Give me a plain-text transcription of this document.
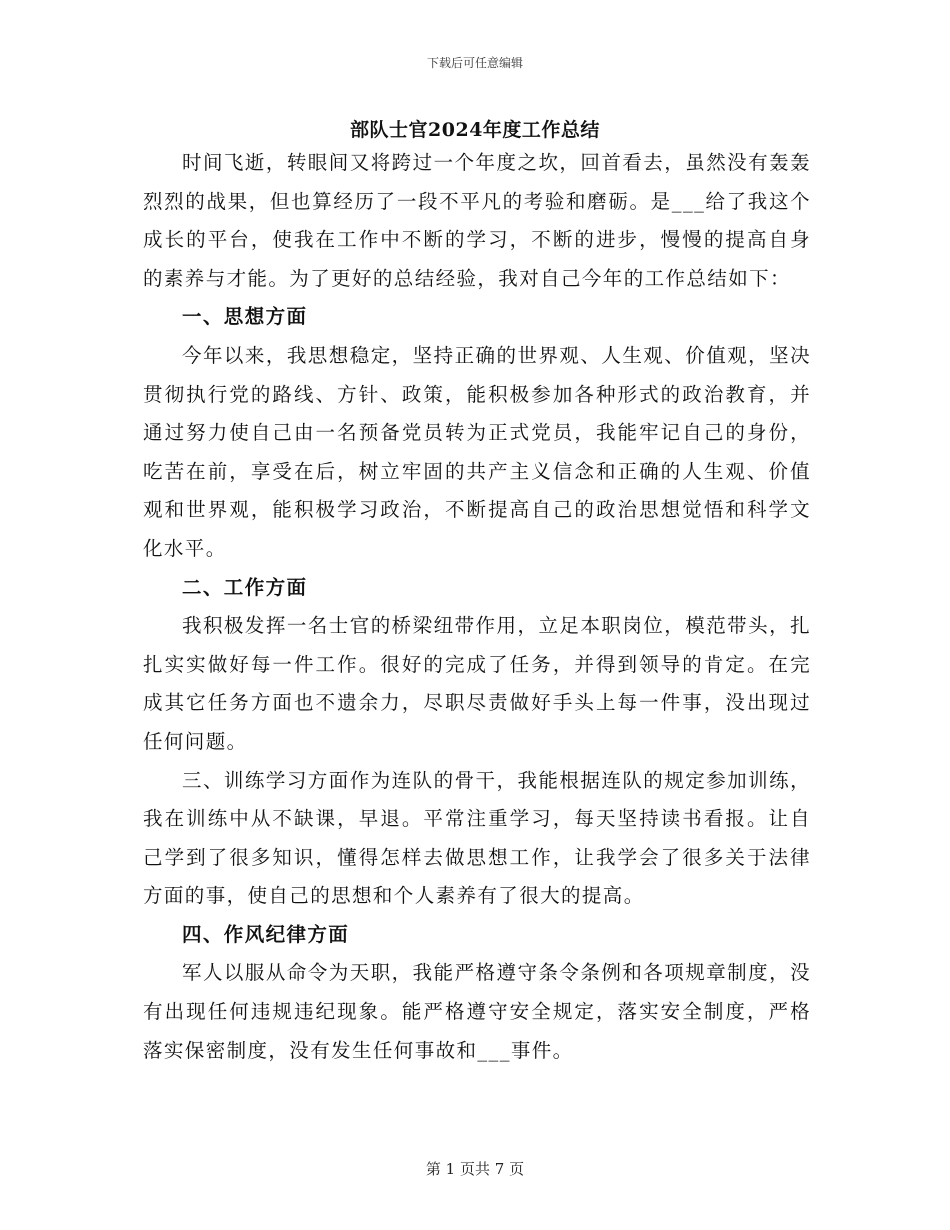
下载后可任意编辑
部队士官2024年度工作总结

时间飞逝，转眼间又将跨过一个年度之坎，回首看去，虽然没有轰轰烈烈的战果，但也算经历了一段不平凡的考验和磨砺。是___给了我这个成长的平台，使我在工作中不断的学习，不断的进步，慢慢的提高自身的素养与才能。为了更好的总结经验，我对自己今年的工作总结如下：

一、思想方面

今年以来，我思想稳定，坚持正确的世界观、人生观、价值观，坚决贯彻执行党的路线、方针、政策，能积极参加各种形式的政治教育，并通过努力使自己由一名预备党员转为正式党员，我能牢记自己的身份，吃苦在前，享受在后，树立牢固的共产主义信念和正确的人生观、价值观和世界观，能积极学习政治，不断提高自己的政治思想觉悟和科学文化水平。

二、工作方面

我积极发挥一名士官的桥梁纽带作用，立足本职岗位，模范带头，扎扎实实做好每一件工作。很好的完成了任务，并得到领导的肯定。在完成其它任务方面也不遗余力，尽职尽责做好手头上每一件事，没出现过任何问题。

三、训练学习方面作为连队的骨干，我能根据连队的规定参加训练，我在训练中从不缺课，早退。平常注重学习，每天坚持读书看报。让自己学到了很多知识，懂得怎样去做思想工作，让我学会了很多关于法律方面的事，使自己的思想和个人素养有了很大的提高。

四、作风纪律方面

军人以服从命令为天职，我能严格遵守条令条例和各项规章制度，没有出现任何违规违纪现象。能严格遵守安全规定，落实安全制度，严格落实保密制度，没有发生任何事故和___事件。

第 1 页共 7 页
